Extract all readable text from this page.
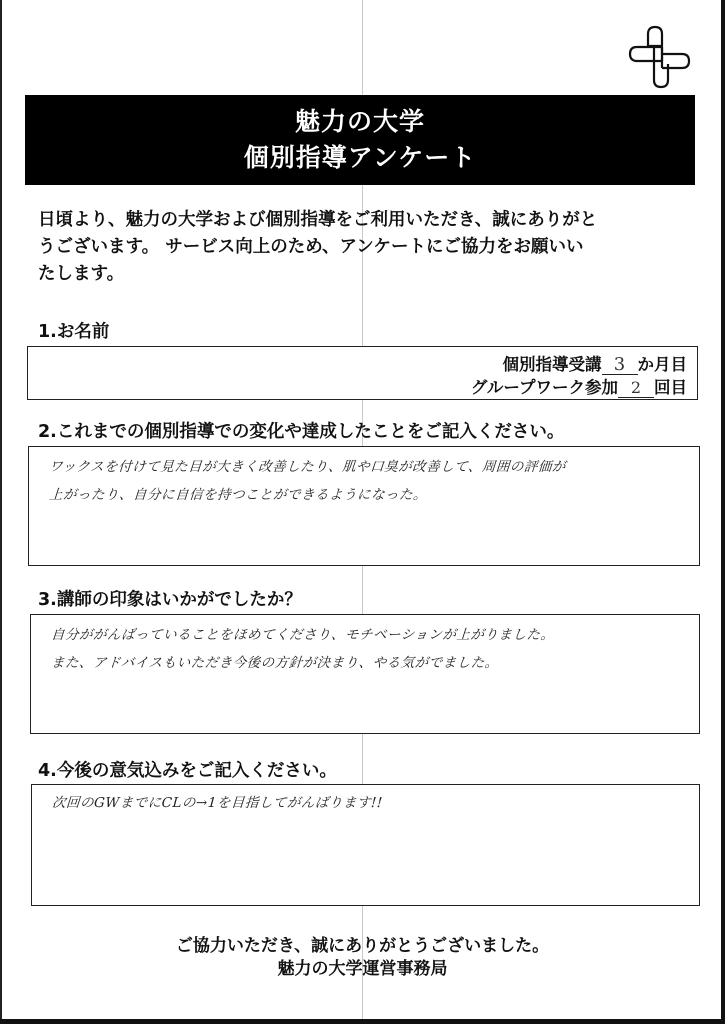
魅力の大学
個別指導アンケート
日頃より、魅力の大学および個別指導をご利用いただき、誠にありがと
うございます。 サービス向上のため、アンケートにご協力をお願いい
たします。
1.お名前
個別指導受講 3 か月目
グループワーク参加 2 回目
2.これまでの個別指導での変化や達成したことをご記入ください。
ワックスを付けて見た目が大きく改善したり、肌や口臭が改善して、周囲の評価が
上がったり、自分に自信を持つことができるようになった。
3.講師の印象はいかがでしたか？
自分ががんばっていることをほめてくださり、モチベーションが上がりました。
また、アドバイスもいただき今後の方針が決まり、やる気がでました。
4.今後の意気込みをご記入ください。
次回のGWまでにCLの→1を目指してがんばります!!
ご協力いただき、誠にありがとうございました。
魅力の大学運営事務局
